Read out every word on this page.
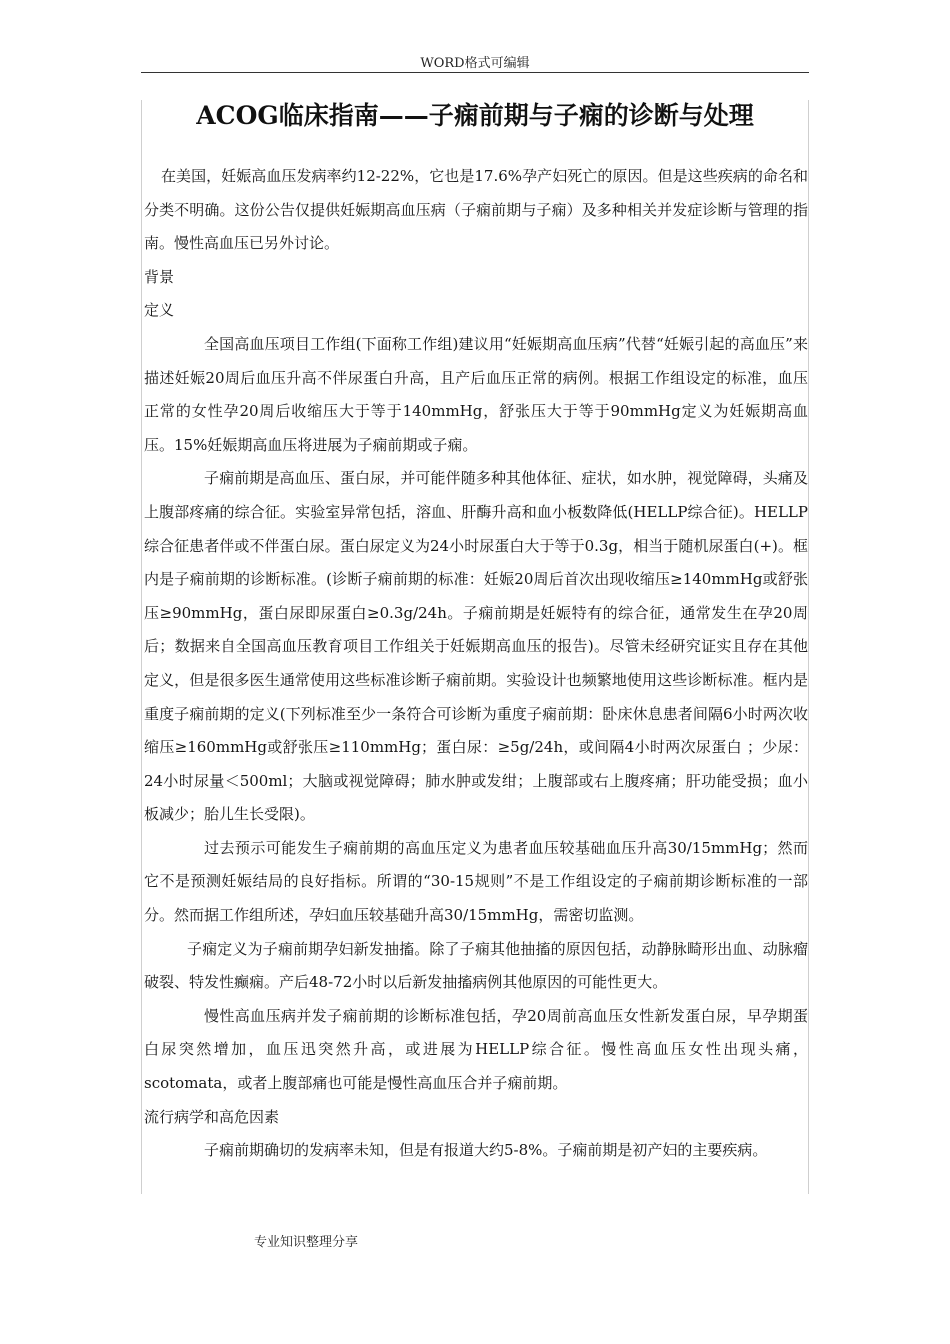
WORD格式可编辑
ACOG临床指南——子痫前期与子痫的诊断与处理

在美国，妊娠高血压发病率约12-22%，它也是17.6%孕产妇死亡的原因。但是这些疾病的命名和分类不明确。这份公告仅提供妊娠期高血压病（子痫前期与子痫）及多种相关并发症诊断与管理的指南。慢性高血压已另外讨论。

背景

定义

全国高血压项目工作组(下面称工作组)建议用“妊娠期高血压病”代替“妊娠引起的高血压”来描述妊娠20周后血压升高不伴尿蛋白升高，且产后血压正常的病例。根据工作组设定的标准，血压正常的女性孕20周后收缩压大于等于140mmHg，舒张压大于等于90mmHg定义为妊娠期高血压。15%妊娠期高血压将进展为子痫前期或子痫。

子痫前期是高血压、蛋白尿，并可能伴随多种其他体征、症状，如水肿，视觉障碍，头痛及上腹部疼痛的综合征。实验室异常包括，溶血、肝酶升高和血小板数降低(HELLP综合征)。HELLP综合征患者伴或不伴蛋白尿。蛋白尿定义为24小时尿蛋白大于等于0.3g，相当于随机尿蛋白(+)。框内是子痫前期的诊断标准。(诊断子痫前期的标准：妊娠20周后首次出现收缩压≥140mmHg或舒张压≥90mmHg，蛋白尿即尿蛋白≥0.3g/24h。子痫前期是妊娠特有的综合征，通常发生在孕20周后；数据来自全国高血压教育项目工作组关于妊娠期高血压的报告)。尽管未经研究证实且存在其他定义，但是很多医生通常使用这些标准诊断子痫前期。实验设计也频繁地使用这些诊断标准。框内是重度子痫前期的定义(下列标准至少一条符合可诊断为重度子痫前期：卧床休息患者间隔6小时两次收缩压≥160mmHg或舒张压≥110mmHg；蛋白尿：≥5g/24h，或间隔4小时两次尿蛋白 ；少尿：24小时尿量＜500ml；大脑或视觉障碍；肺水肿或发绀；上腹部或右上腹疼痛；肝功能受损；血小板减少；胎儿生长受限)。

过去预示可能发生子痫前期的高血压定义为患者血压较基础血压升高30/15mmHg；然而它不是预测妊娠结局的良好指标。所谓的“30-15规则”不是工作组设定的子痫前期诊断标准的一部分。然而据工作组所述，孕妇血压较基础升高30/15mmHg，需密切监测。

子痫定义为子痫前期孕妇新发抽搐。除了子痫其他抽搐的原因包括，动静脉畸形出血、动脉瘤破裂、特发性癫痫。产后48-72小时以后新发抽搐病例其他原因的可能性更大。

慢性高血压病并发子痫前期的诊断标准包括，孕20周前高血压女性新发蛋白尿，早孕期蛋白尿突然增加，血压迅突然升高，或进展为HELLP综合征。慢性高血压女性出现头痛，scotomata，或者上腹部痛也可能是慢性高血压合并子痫前期。

流行病学和高危因素

子痫前期确切的发病率未知，但是有报道大约5-8%。子痫前期是初产妇的主要疾病。

专业知识整理分享
